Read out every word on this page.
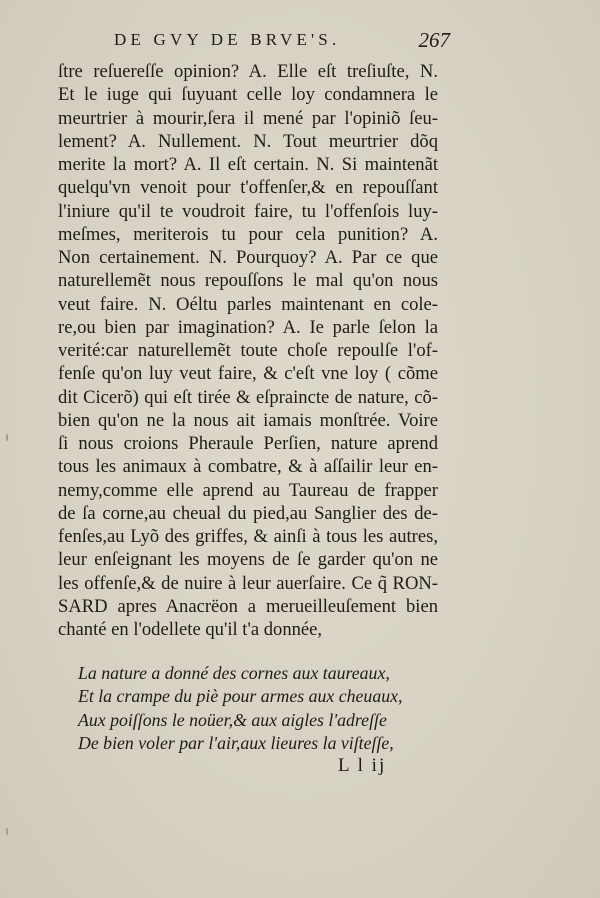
DE GVY DE BRVE'S.	267
ſtre reſuereſſe opinion? A. Elle eſt treſiuſte, N.
Et le iuge qui ſuyuant celle loy condamnera le
meurtrier à mourir,ſera il mené par l'opiniõ ſeu-
lement? A. Nullement. N. Tout meurtrier dõq
merite la mort? A. Il eſt certain. N. Si maintenãt
quelqu'vn venoit pour t'offenſer,& en repouſſant
l'iniure qu'il te voudroit faire, tu l'offenſois luy-
meſmes, meriterois tu pour cela punition? A.
Non certainement. N. Pourquoy? A. Par ce que
naturellemẽt nous repouſſons le mal qu'on nous
veut faire. N. Oéltu parles maintenant en cole-
re,ou bien par imagination? A. Ie parle ſelon la
verité:car naturellemẽt toute choſe repoulſe l'of-
fenſe qu'on luy veut faire, & c'eſt vne loy ( cõme
dit Cicerõ) qui eſt tirée & eſpraincte de nature, cõ-
bien qu'on ne la nous ait iamais monſtrée. Voire
ſi nous croions Pheraule Perſien, nature aprend
tous les animaux à combatre, & à aſſailir leur en-
nemy,comme elle aprend au Taureau de frapper
de ſa corne,au cheual du pied,au Sanglier des de-
fenſes,au Lyõ des griffes, & ainſi à tous les autres,
leur enſeignant les moyens de ſe garder qu'on ne
les offenſe,& de nuire à leur auerſaire. Ce q̃ RON-
SARD apres Anacrëon a merueilleuſement bien
chanté en l'odellete qu'il t'a donnée,
La nature a donné des cornes aux taureaux,
Et la crampe du piè pour armes aux cheuaux,
Aux poiſſons le noüer,& aux aigles l'adreſſe
De bien voler par l'air,aux lieures la viſteſſe,
L l ij
